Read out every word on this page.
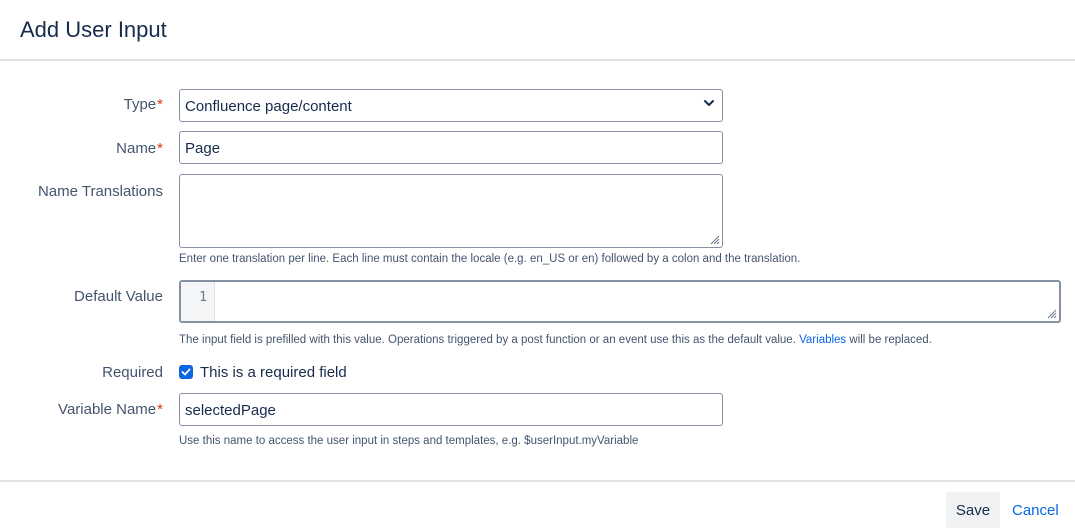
Add User Input
Type*	Confluence page/content
Name*	Page
Name Translations
Enter one translation per line. Each line must contain the locale (e.g. en_US or en) followed by a colon and the translation.
Default Value	1
The input field is prefilled with this value. Operations triggered by a post function or an event use this as the default value. Variables will be replaced.
Required This is a required field
Variable Name*	selectedPage
Use this name to access the user input in steps and templates, e.g. $userInput.myVariable
Save	Cancel
